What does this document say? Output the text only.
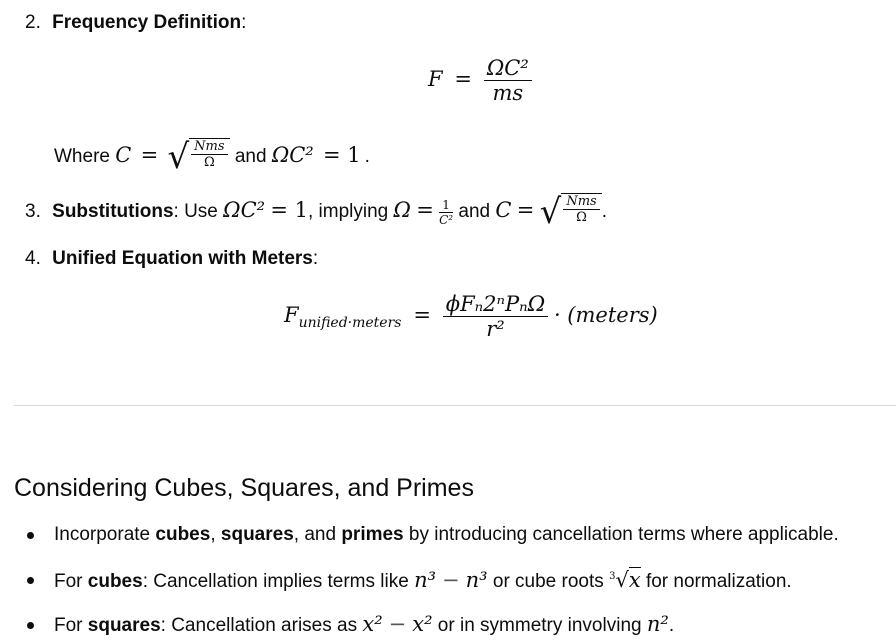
2. Frequency Definition:
$F = \frac{\text{ΩC²}}{ms}$
Where C = √ $\frac{\text{Nms}}{\Omega}$ and ΩC² = 1 .
3. Substitutions: Use ΩC² = 1, implying $\Omega = \frac{1}{\text{C²}}$ and C = √ $\frac{\text{Nms}}{\Omega}$ .
4. Unified Equation with Meters:
$F_{unified\cdot meters} = \frac{\text{ϕFₙ2ⁿPₙΩ}}{\text{r²}}$ · (meters)
Considering Cubes, Squares, and Primes
Incorporate cubes, squares, and primes by introducing cancellation terms where applicable.
For cubes: Cancellation implies terms like n³ − n³ or cube roots $^3$√x for normalization.
For squares: Cancellation arises as x² − x² or in symmetry involving n².
